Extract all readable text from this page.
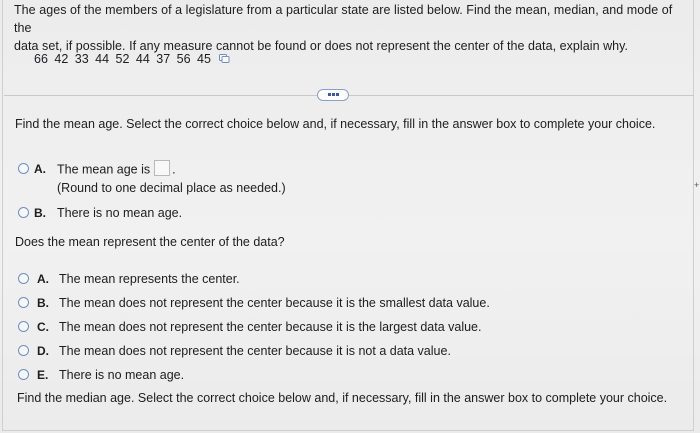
The ages of the members of a legislature from a particular state are listed below. Find the mean, median, and mode of the
data set, if possible. If any measure cannot be found or does not represent the center of the data, explain why.
66 42 33 44 52 44 37 56 45
Find the mean age. Select the correct choice below and, if necessary, fill in the answer box to complete your choice.
A. The mean age is .
(Round to one decimal place as needed.)
B. There is no mean age.
Does the mean represent the center of the data?
A. The mean represents the center.
B. The mean does not represent the center because it is the smallest data value.
C. The mean does not represent the center because it is the largest data value.
D. The mean does not represent the center because it is not a data value.
E. There is no mean age.
Find the median age. Select the correct choice below and, if necessary, fill in the answer box to complete your choice.
+
